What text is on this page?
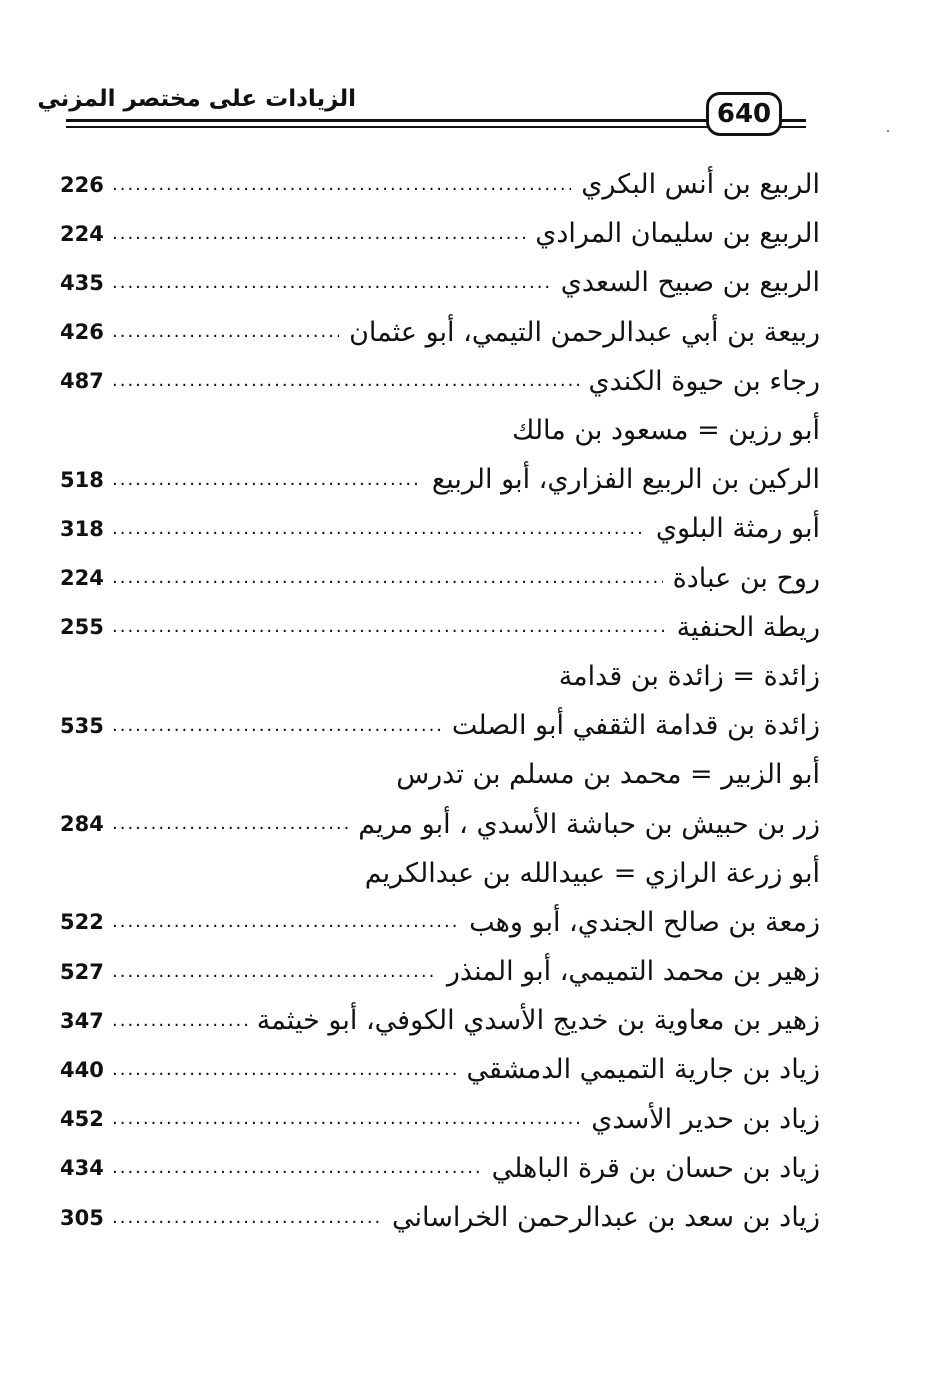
الزيادات على مختصر المزني	640
الربيع بن أنس البكري
.....
226
الربيع بن سليمان المرادي
.....
224
الربيع بن صبيح السعدي
.....
435
ربيعة بن أبي عبدالرحمن التيمي، أبو عثمان
.....
426
رجاء بن حيوة الكندي
.....
487
أبو رزين = مسعود بن مالك
الركين بن الربيع الفزاري، أبو الربيع
.....
518
أبو رمثة البلوي
.....
318
روح بن عبادة
.....
224
ريطة الحنفية
.....
255
زائدة = زائدة بن قدامة
زائدة بن قدامة الثقفي أبو الصلت
.....
535
أبو الزبير = محمد بن مسلم بن تدرس
زر بن حبيش بن حباشة الأسدي ، أبو مريم
.....
284
أبو زرعة الرازي = عبيدالله بن عبدالكريم
زمعة بن صالح الجندي، أبو وهب
.....
522
زهير بن محمد التميمي، أبو المنذر
.....
527
زهير بن معاوية بن خديج الأسدي الكوفي، أبو خيثمة
.....
347
زياد بن جارية التميمي الدمشقي
.....
440
زياد بن حدير الأسدي
.....
452
زياد بن حسان بن قرة الباهلي
.....
434
زياد بن سعد بن عبدالرحمن الخراساني
.....
305
